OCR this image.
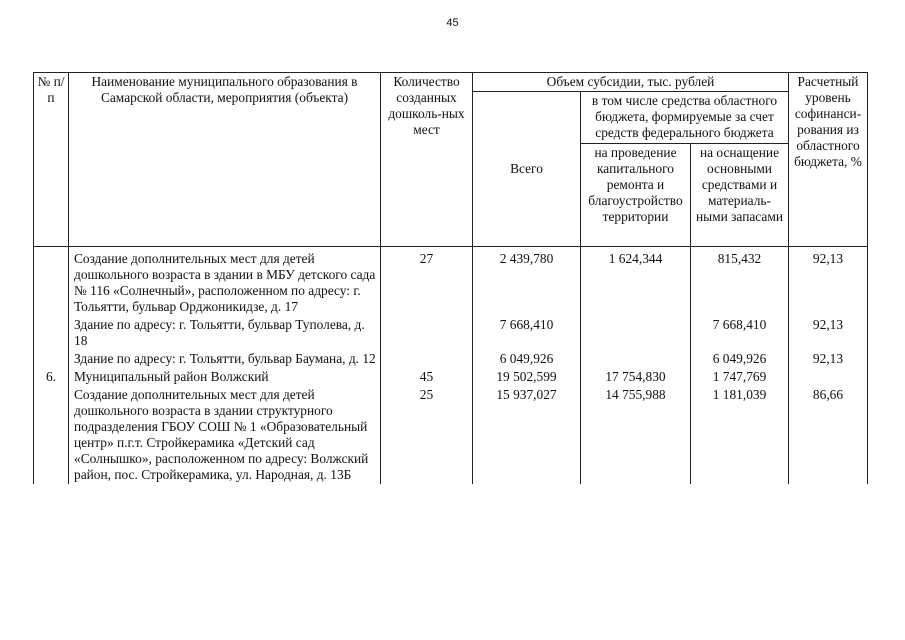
45
№ п/п	Наименование муниципального образования в Самарской области, мероприятия (объекта)	Количество созданных дошколь-ных мест	Объем субсидии, тыс. рублей			Расчетный уровень софинанси-рования из областного бюджета, %
			Всего	в том числе средства областного бюджета, формируемые за счет средств федерального бюджета		
				на проведение капитального ремонта и благоустройство территории	на оснащение основными средствами и материаль-ными запасами	
	Создание дополнительных мест для детей дошкольного возраста в здании в МБУ детского сада № 116 «Солнечный», расположенном по адресу: г. Тольятти, бульвар Орджоникидзе, д. 17	27	2 439,780	1 624,344	815,432	92,13
	Здание по адресу: г. Тольятти, бульвар Туполева, д. 18		7 668,410		7 668,410	92,13
	Здание по адресу: г. Тольятти, бульвар Баумана, д. 12		6 049,926		6 049,926	92,13
6.	Муниципальный район Волжский	45	19 502,599	17 754,830	1 747,769	
	Создание дополнительных мест для детей дошкольного возраста в здании структурного подразделения ГБОУ СОШ № 1 «Образовательный центр» п.г.т. Стройкерамика «Детский сад «Солнышко», расположенном по адресу: Волжский район, пос. Стройкерамика, ул. Народная, д. 13Б	25	15 937,027	14 755,988	1 181,039	86,66
